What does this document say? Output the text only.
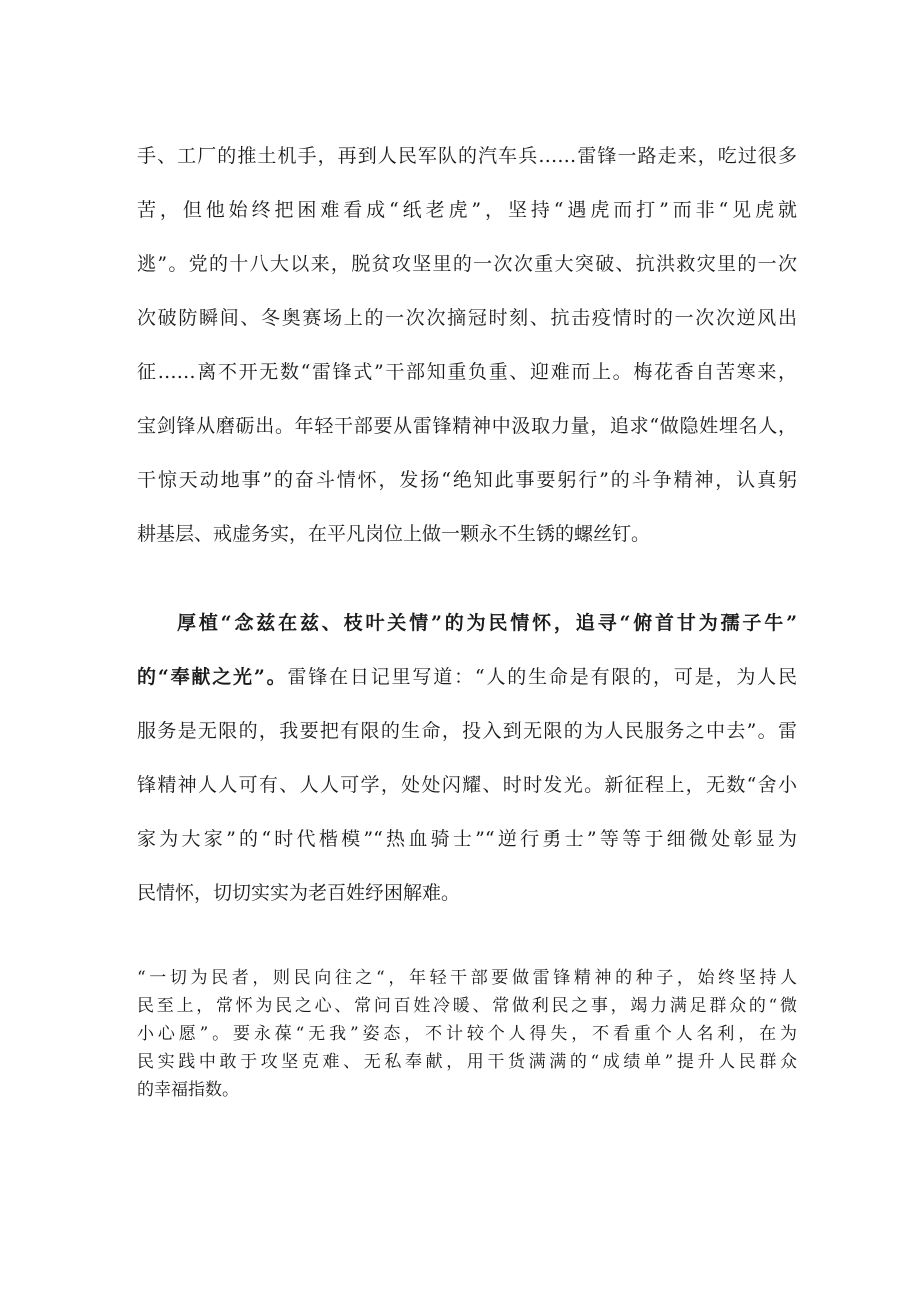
手、工厂的推土机手，再到人民军队的汽车兵……雷锋一路走来，吃过很多
苦，但他始终把困难看成“纸老虎”，坚持“遇虎而打”而非“见虎就
逃”。党的十八大以来，脱贫攻坚里的一次次重大突破、抗洪救灾里的一次
次破防瞬间、冬奥赛场上的一次次摘冠时刻、抗击疫情时的一次次逆风出
征……离不开无数“雷锋式”干部知重负重、迎难而上。梅花香自苦寒来，
宝剑锋从磨砺出。年轻干部要从雷锋精神中汲取力量，追求“做隐姓埋名人，
干惊天动地事”的奋斗情怀，发扬“绝知此事要躬行”的斗争精神，认真躬
耕基层、戒虚务实，在平凡岗位上做一颗永不生锈的螺丝钉。
厚植“念兹在兹、枝叶关情”的为民情怀，追寻“俯首甘为孺子牛”
的“奉献之光”。雷锋在日记里写道：“人的生命是有限的，可是，为人民
服务是无限的，我要把有限的生命，投入到无限的为人民服务之中去”。雷
锋精神人人可有、人人可学，处处闪耀、时时发光。新征程上，无数“舍小
家为大家”的“时代楷模”“热血骑士”“逆行勇士”等等于细微处彰显为
民情怀，切切实实为老百姓纾困解难。
“一切为民者，则民向往之“，年轻干部要做雷锋精神的种子，始终坚持人
民至上，常怀为民之心、常问百姓冷暖、常做利民之事，竭力满足群众的“微
小心愿”。要永葆“无我”姿态，不计较个人得失，不看重个人名利，在为
民实践中敢于攻坚克难、无私奉献，用干货满满的“成绩单”提升人民群众
的幸福指数。
